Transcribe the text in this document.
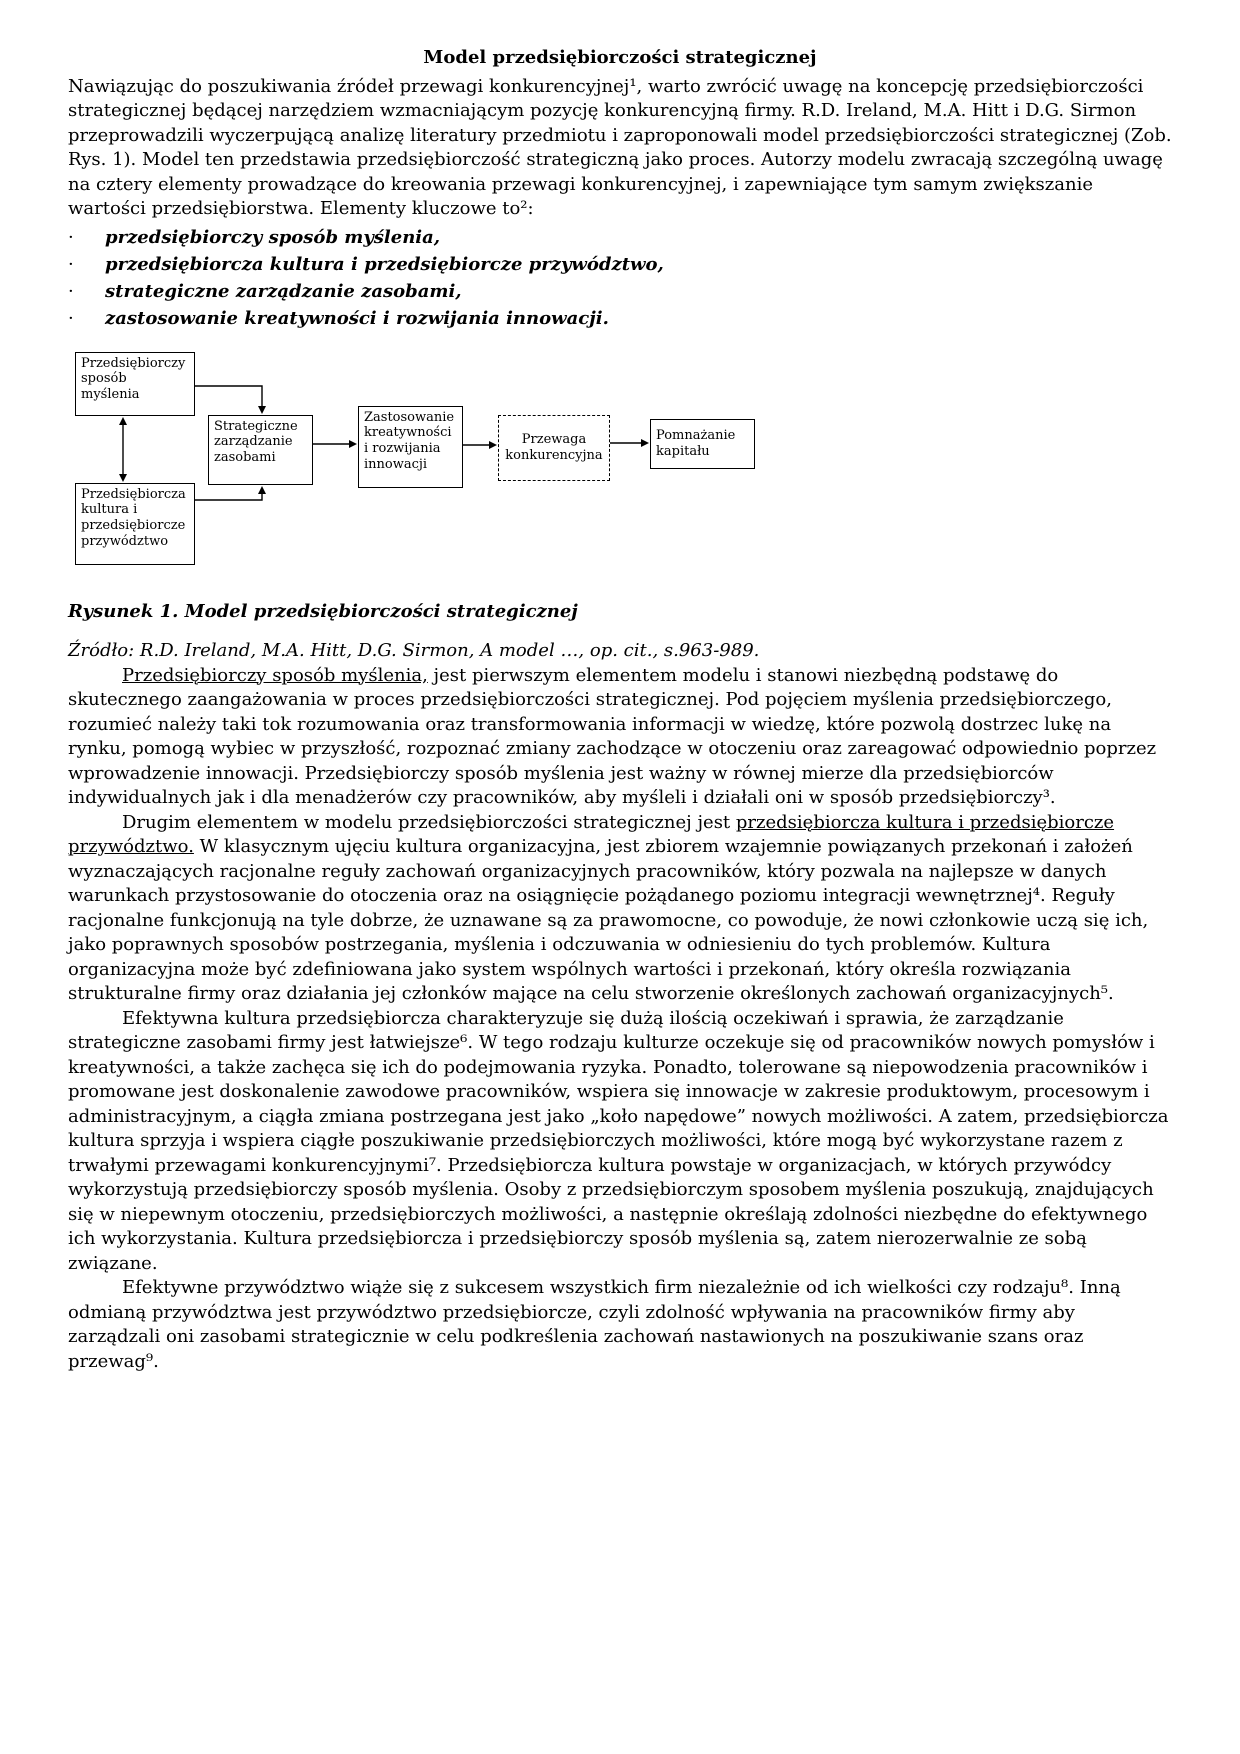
Model przedsiębiorczości strategicznej

Nawiązując do poszukiwania źródeł przewagi konkurencyjnej¹, warto zwrócić uwagę na koncepcję przedsiębiorczości strategicznej będącej narzędziem wzmacniającym pozycję konkurencyjną firmy. R.D. Ireland, M.A. Hitt i D.G. Sirmon przeprowadzili wyczerpującą analizę literatury przedmiotu i zaproponowali model przedsiębiorczości strategicznej (Zob. Rys. 1). Model ten przedstawia przedsiębiorczość strategiczną jako proces. Autorzy modelu zwracają szczególną uwagę na cztery elementy prowadzące do kreowania przewagi konkurencyjnej, i zapewniające tym samym zwiększanie wartości przedsiębiorstwa. Elementy kluczowe to²:

·	przedsiębiorczy sposób myślenia,
·	przedsiębiorcza kultura i przedsiębiorcze przywództwo,
·	strategiczne zarządzanie zasobami,
·	zastosowanie kreatywności i rozwijania innowacji.
Przedsiębiorczy sposób myślenia
Przedsiębiorcza kultura i przedsiębiorcze przywództwo
Strategiczne zarządzanie zasobami
Zastosowanie kreatywności i rozwijania innowacji
Przewaga konkurencyjna
Pomnażanie kapitału

Rysunek 1. Model przedsiębiorczości strategicznej

Źródło: R.D. Ireland, M.A. Hitt, D.G. Sirmon, A model …, op. cit., s.963-989.

Przedsiębiorczy sposób myślenia, jest pierwszym elementem modelu i stanowi niezbędną podstawę do skutecznego zaangażowania w proces przedsiębiorczości strategicznej. Pod pojęciem myślenia przedsiębiorczego, rozumieć należy taki tok rozumowania oraz transformowania informacji w wiedzę, które pozwolą dostrzec lukę na rynku, pomogą wybiec w przyszłość, rozpoznać zmiany zachodzące w otoczeniu oraz zareagować odpowiednio poprzez wprowadzenie innowacji. Przedsiębiorczy sposób myślenia jest ważny w równej mierze dla przedsiębiorców indywidualnych jak i dla menadżerów czy pracowników, aby myśleli i działali oni w sposób przedsiębiorczy³.

Drugim elementem w modelu przedsiębiorczości strategicznej jest przedsiębiorcza kultura i przedsiębiorcze przywództwo. W klasycznym ujęciu kultura organizacyjna, jest zbiorem wzajemnie powiązanych przekonań i założeń wyznaczających racjonalne reguły zachowań organizacyjnych pracowników, który pozwala na najlepsze w danych warunkach przystosowanie do otoczenia oraz na osiągnięcie pożądanego poziomu integracji wewnętrznej⁴. Reguły racjonalne funkcjonują na tyle dobrze, że uznawane są za prawomocne, co powoduje, że nowi członkowie uczą się ich, jako poprawnych sposobów postrzegania, myślenia i odczuwania w odniesieniu do tych problemów. Kultura organizacyjna może być zdefiniowana jako system wspólnych wartości i przekonań, który określa rozwiązania strukturalne firmy oraz działania jej członków mające na celu stworzenie określonych zachowań organizacyjnych⁵.

Efektywna kultura przedsiębiorcza charakteryzuje się dużą ilością oczekiwań i sprawia, że zarządzanie strategiczne zasobami firmy jest łatwiejsze⁶. W tego rodzaju kulturze oczekuje się od pracowników nowych pomysłów i kreatywności, a także zachęca się ich do podejmowania ryzyka. Ponadto, tolerowane są niepowodzenia pracowników i promowane jest doskonalenie zawodowe pracowników, wspiera się innowacje w zakresie produktowym, procesowym i administracyjnym, a ciągła zmiana postrzegana jest jako „koło napędowe” nowych możliwości. A zatem, przedsiębiorcza kultura sprzyja i wspiera ciągłe poszukiwanie przedsiębiorczych możliwości, które mogą być wykorzystane razem z trwałymi przewagami konkurencyjnymi⁷. Przedsiębiorcza kultura powstaje w organizacjach, w których przywódcy wykorzystują przedsiębiorczy sposób myślenia. Osoby z przedsiębiorczym sposobem myślenia poszukują, znajdujących się w niepewnym otoczeniu, przedsiębiorczych możliwości, a następnie określają zdolności niezbędne do efektywnego ich wykorzystania. Kultura przedsiębiorcza i przedsiębiorczy sposób myślenia są, zatem nierozerwalnie ze sobą związane.

Efektywne przywództwo wiąże się z sukcesem wszystkich firm niezależnie od ich wielkości czy rodzaju⁸. Inną odmianą przywództwa jest przywództwo przedsiębiorcze, czyli zdolność wpływania na pracowników firmy aby zarządzali oni zasobami strategicznie w celu podkreślenia zachowań nastawionych na poszukiwanie szans oraz przewag⁹.
